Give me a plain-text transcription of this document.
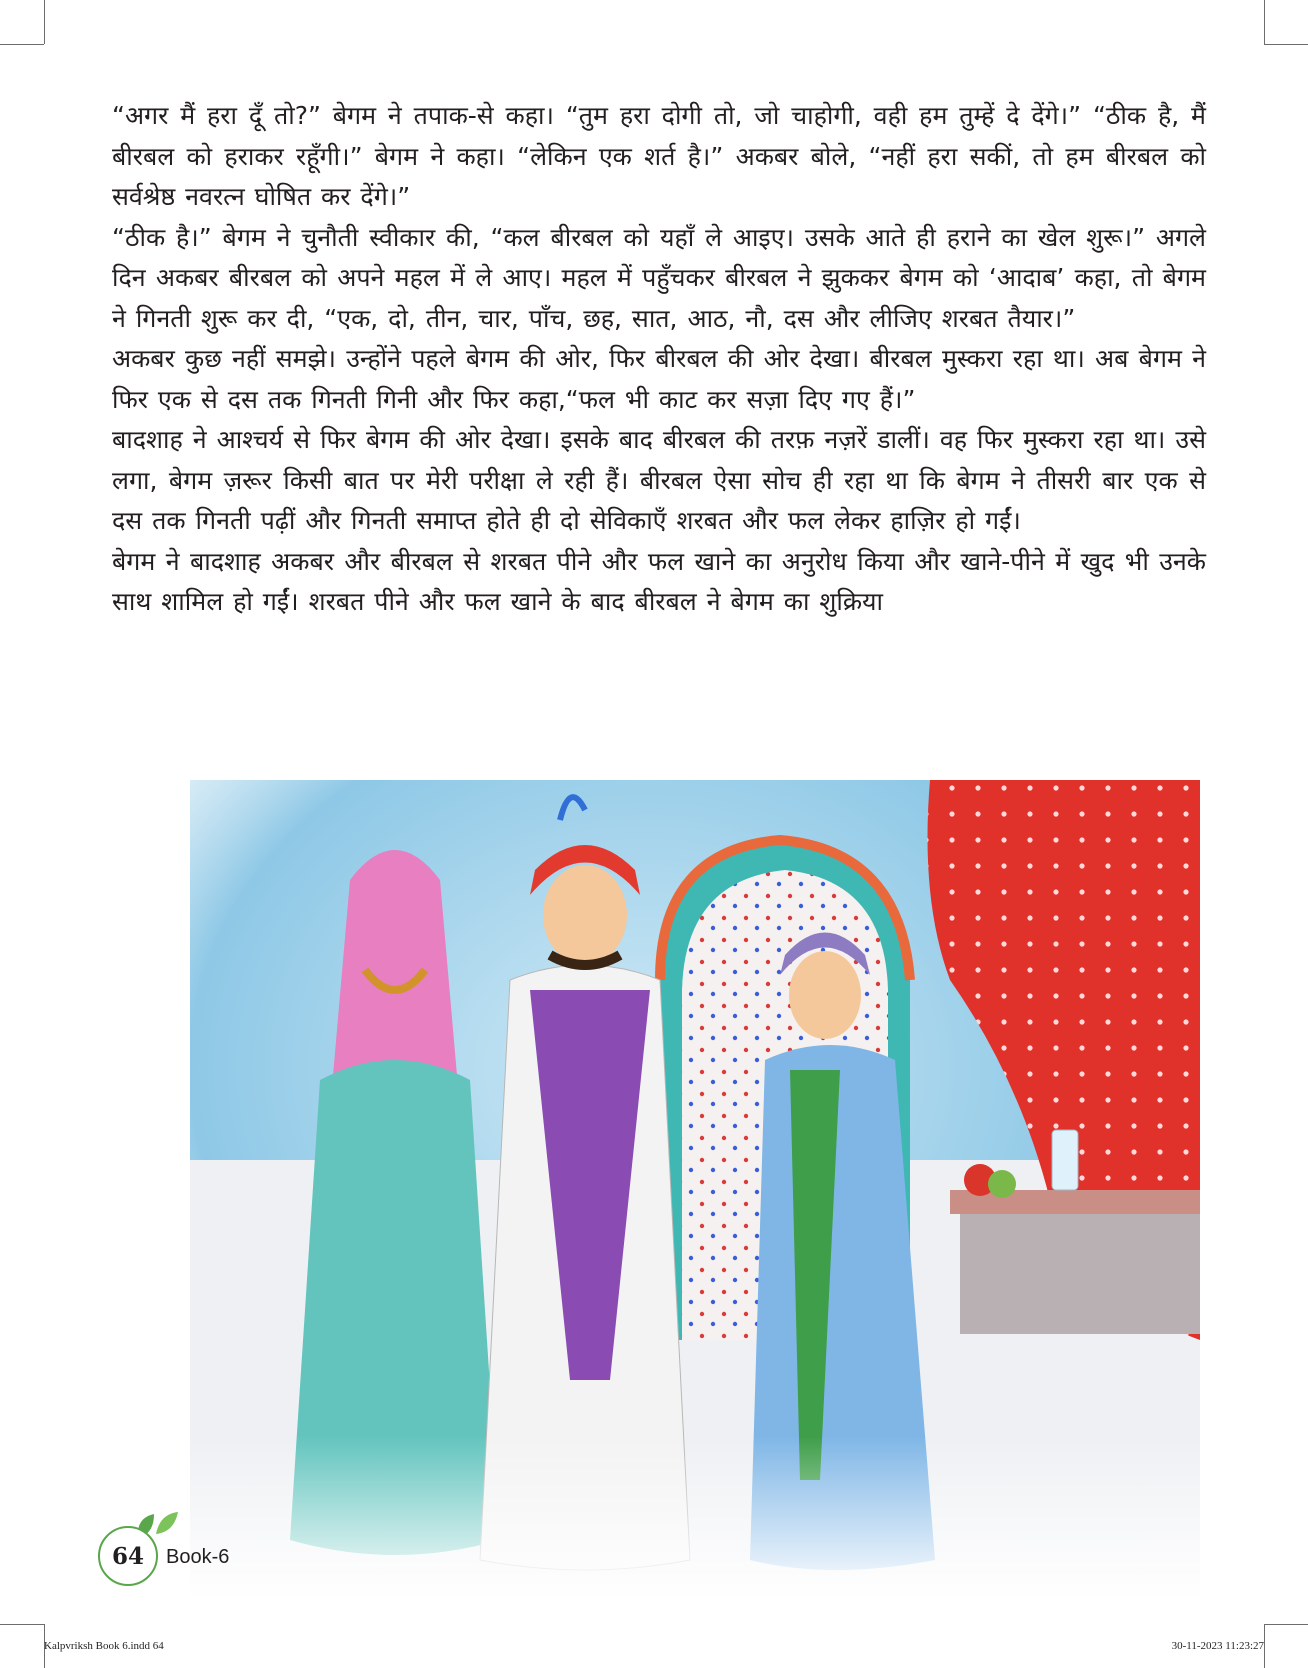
“अगर मैं हरा दूँ तो?” बेगम ने तपाक-से कहा। “तुम हरा दोगी तो, जो चाहोगी, वही हम तुम्हें दे देंगे।” “ठीक है, मैं बीरबल को हराकर रहूँगी।” बेगम ने कहा। “लेकिन एक शर्त है।” अकबर बोले, “नहीं हरा सकीं, तो हम बीरबल को सर्वश्रेष्ठ नवरत्न घोषित कर देंगे।”

“ठीक है।” बेगम ने चुनौती स्वीकार की, “कल बीरबल को यहाँ ले आइए। उसके आते ही हराने का खेल शुरू।” अगले दिन अकबर बीरबल को अपने महल में ले आए। महल में पहुँचकर बीरबल ने झुककर बेगम को ‘आदाब’ कहा, तो बेगम ने गिनती शुरू कर दी, “एक, दो, तीन, चार, पाँच, छह, सात, आठ, नौ, दस और लीजिए शरबत तैयार।”

अकबर कुछ नहीं समझे। उन्होंने पहले बेगम की ओर, फिर बीरबल की ओर देखा। बीरबल मुस्करा रहा था। अब बेगम ने फिर एक से दस तक गिनती गिनी और फिर कहा,“फल भी काट कर सज़ा दिए गए हैं।”

बादशाह ने आश्चर्य से फिर बेगम की ओर देखा। इसके बाद बीरबल की तरफ़ नज़रें डालीं। वह फिर मुस्करा रहा था। उसे लगा, बेगम ज़रूर किसी बात पर मेरी परीक्षा ले रही हैं। बीरबल ऐसा सोच ही रहा था कि बेगम ने तीसरी बार एक से दस तक गिनती पढ़ीं और गिनती समाप्त होते ही दो सेविकाएँ शरबत और फल लेकर हाज़िर हो गईं।

बेगम ने बादशाह अकबर और बीरबल से शरबत पीने और फल खाने का अनुरोध किया और खाने-पीने में खुद भी उनके साथ शामिल हो गईं। शरबत पीने और फल खाने के बाद बीरबल ने बेगम का शुक्रिया

64	Book-6
Kalpvriksh Book 6.indd 64	30-11-2023 11:23:27
